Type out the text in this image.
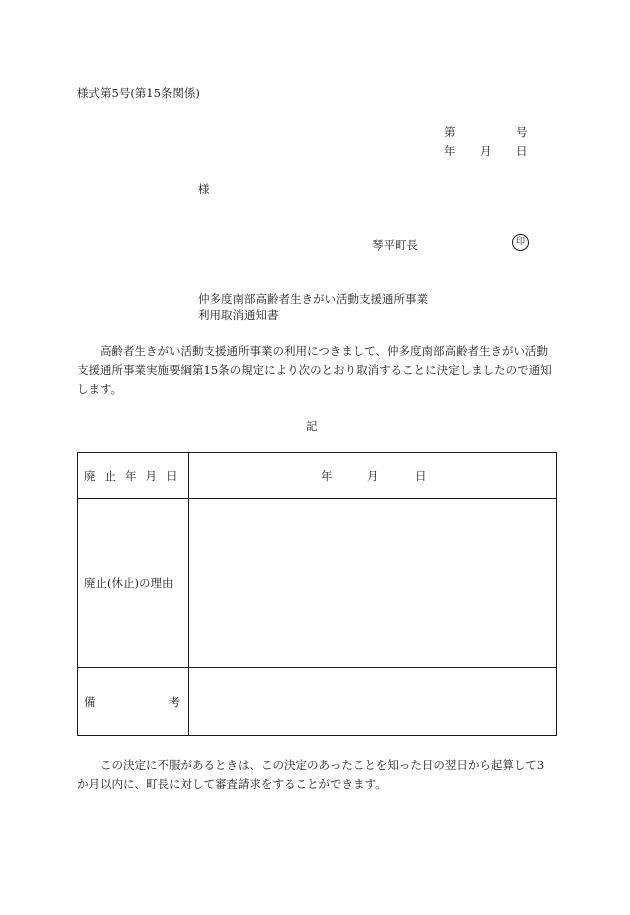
様式第5号(第15条関係)
第	号
年 月 日
様
琴平町長	印
仲多度南部高齢者生きがい活動支援通所事業
利用取消通知書
高齢者生きがい活動支援通所事業の利用につきまして、仲多度南部高齢者生きがい活動支援通所事業実施要綱第15条の規定により次のとおり取消することに決定しましたので通知します。
記
廃止年月日	年 月 日

廃止(休止)の理由	

備 考	

この決定に不服があるときは、この決定のあったことを知った日の翌日から起算して3か月以内に、町長に対して審査請求をすることができます。
